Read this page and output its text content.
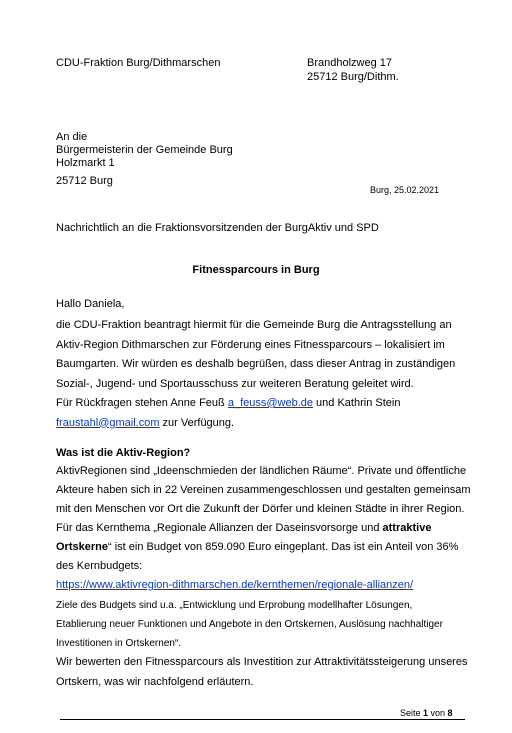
CDU-Fraktion Burg/Dithmarschen	Brandholzweg 17
25712 Burg/Dithm.
An die
Bürgermeisterin der Gemeinde Burg
Holzmarkt 1
25712 Burg
Burg, 25.02.2021
Nachrichtlich an die Fraktionsvorsitzenden der BurgAktiv und SPD
Fitnessparcours in Burg
Hallo Daniela,
die CDU-Fraktion beantragt hiermit für die Gemeinde Burg die Antragsstellung an
Aktiv-Region Dithmarschen zur Förderung eines Fitnessparcours – lokalisiert im
Baumgarten. Wir würden es deshalb begrüßen, dass dieser Antrag in zuständigen
Sozial-, Jugend- und Sportausschuss zur weiteren Beratung geleitet wird.
Für Rückfragen stehen Anne Feuß a_feuss@web.de und Kathrin Stein
fraustahl@gmail.com zur Verfügung.
Was ist die Aktiv-Region?
AktivRegionen sind „Ideenschmieden der ländlichen Räume“. Private und öffentliche
Akteure haben sich in 22 Vereinen zusammengeschlossen und gestalten gemeinsam
mit den Menschen vor Ort die Zukunft der Dörfer und kleinen Städte in ihrer Region.
Für das Kernthema „Regionale Allianzen der Daseinsvorsorge und attraktive
Ortskerne“ ist ein Budget von 859.090 Euro eingeplant. Das ist ein Anteil von 36%
des Kernbudgets:
https://www.aktivregion-dithmarschen.de/kernthemen/regionale-allianzen/
Ziele des Budgets sind u.a. „Entwicklung und Erprobung modellhafter Lösungen,
Etablierung neuer Funktionen und Angebote in den Ortskernen, Auslösung nachhaltiger
Investitionen in Ortskernen“.
Wir bewerten den Fitnessparcours als Investition zur Attraktivitätssteigerung unseres
Ortskern, was wir nachfolgend erläutern.
Seite 1 von 8
